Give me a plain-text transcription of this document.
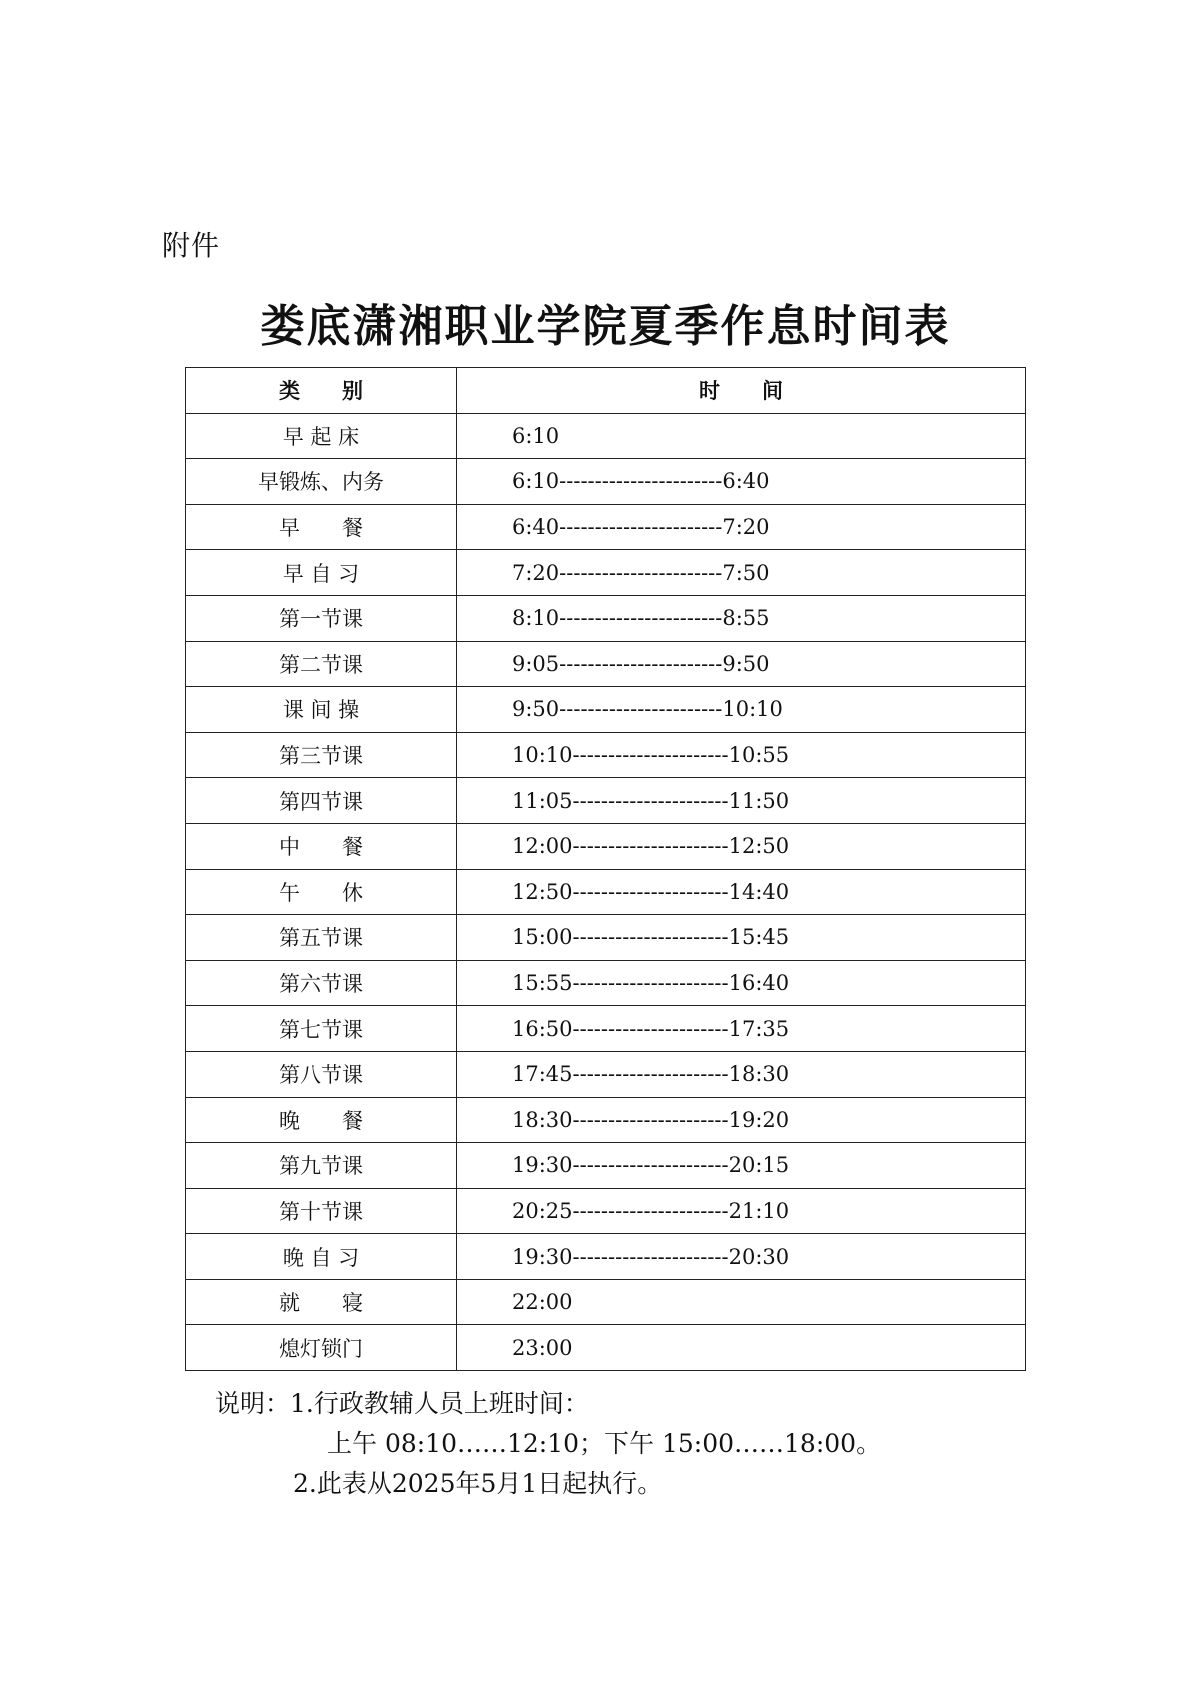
附件
娄底潇湘职业学院夏季作息时间表
类　　别	时　　间
早 起 床	6:10
早锻炼、内务	6:10-----------------------6:40
早　　餐	6:40-----------------------7:20
早 自 习	7:20-----------------------7:50
第一节课	8:10-----------------------8:55
第二节课	9:05-----------------------9:50
课 间 操	9:50-----------------------10:10
第三节课	10:10----------------------10:55
第四节课	11:05----------------------11:50
中　　餐	12:00----------------------12:50
午　　休	12:50----------------------14:40
第五节课	15:00----------------------15:45
第六节课	15:55----------------------16:40
第七节课	16:50----------------------17:35
第八节课	17:45----------------------18:30
晚　　餐	18:30----------------------19:20
第九节课	19:30----------------------20:15
第十节课	20:25----------------------21:10
晚 自 习	19:30----------------------20:30
就　　寝	22:00
熄灯锁门	23:00
说明：1.行政教辅人员上班时间：
上午 08:10……12:10；下午 15:00……18:00。
2.此表从2025年5月1日起执行。
